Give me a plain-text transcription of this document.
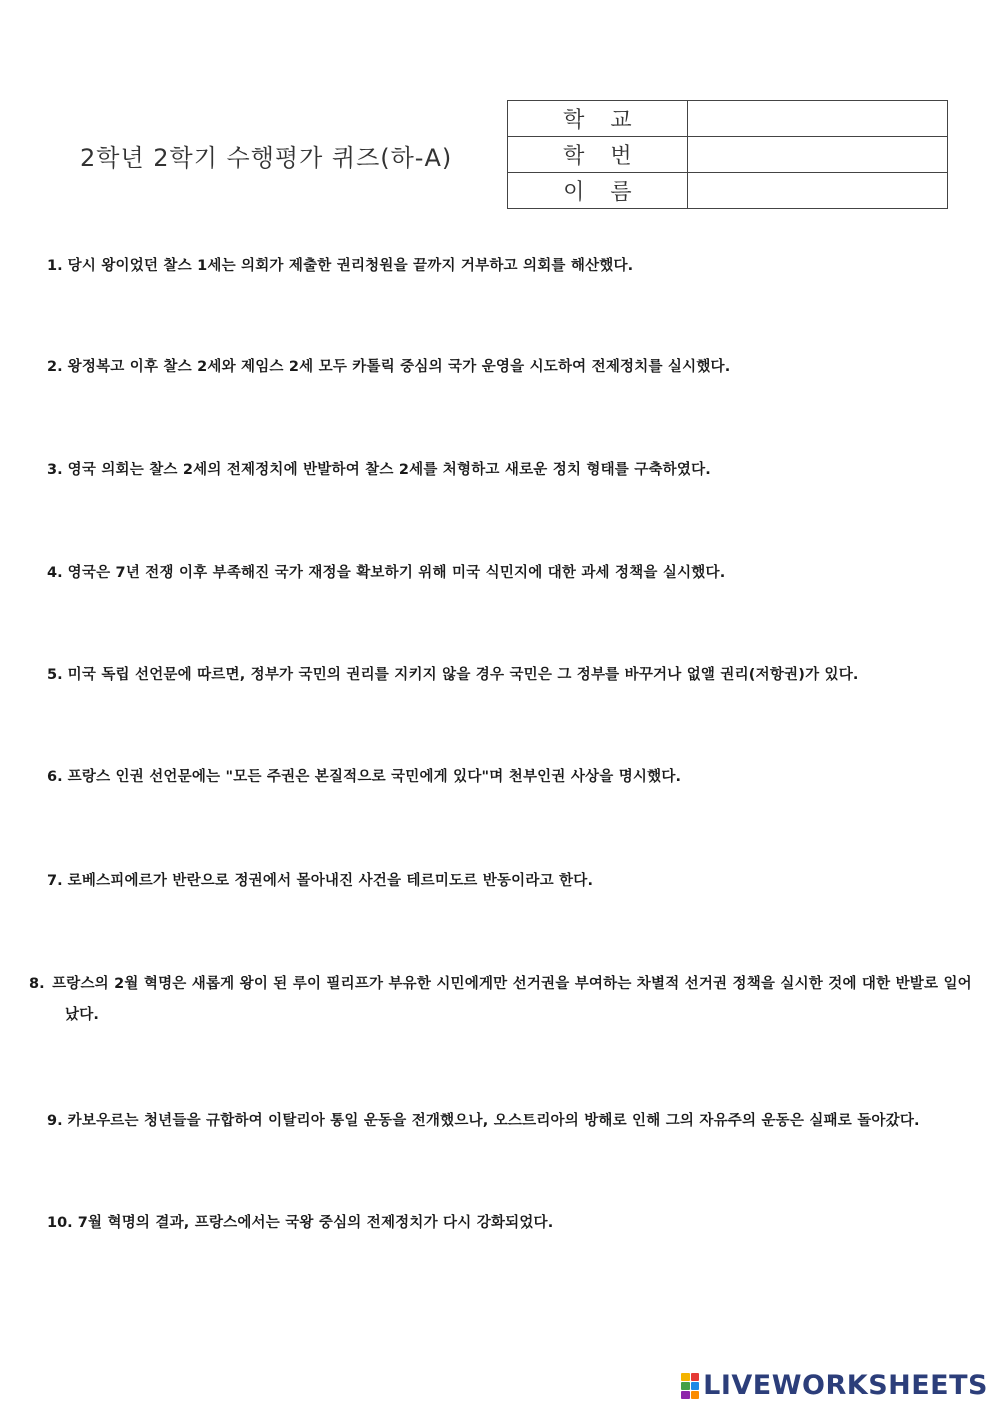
2학년 2학기 수행평가 퀴즈(하-A)
학교	
학번	
이름	
1. 당시 왕이었던 찰스 1세는 의회가 제출한 권리청원을 끝까지 거부하고 의회를 해산했다.
2. 왕정복고 이후 찰스 2세와 제임스 2세 모두 카톨릭 중심의 국가 운영을 시도하여 전제정치를 실시했다.
3. 영국 의회는 찰스 2세의 전제정치에 반발하여 찰스 2세를 처형하고 새로운 정치 형태를 구축하였다.
4. 영국은 7년 전쟁 이후 부족해진 국가 재정을 확보하기 위해 미국 식민지에 대한 과세 정책을 실시했다.
5. 미국 독립 선언문에 따르면, 정부가 국민의 권리를 지키지 않을 경우 국민은 그 정부를 바꾸거나 없앨 권리(저항권)가 있다.
6. 프랑스 인권 선언문에는 "모든 주권은 본질적으로 국민에게 있다"며 천부인권 사상을 명시했다.
7. 로베스피에르가 반란으로 정권에서 몰아내진 사건을 테르미도르 반동이라고 한다.
8. 프랑스의 2월 혁명은 새롭게 왕이 된 루이 필리프가 부유한 시민에게만 선거권을 부여하는 차별적 선거권 정책을 실시한 것에 대한 반발로 일어났다.
9. 카보우르는 청년들을 규합하여 이탈리아 통일 운동을 전개했으나, 오스트리아의 방해로 인해 그의 자유주의 운동은 실패로 돌아갔다.
10. 7월 혁명의 결과, 프랑스에서는 국왕 중심의 전제정치가 다시 강화되었다.
LIVEWORKSHEETS
